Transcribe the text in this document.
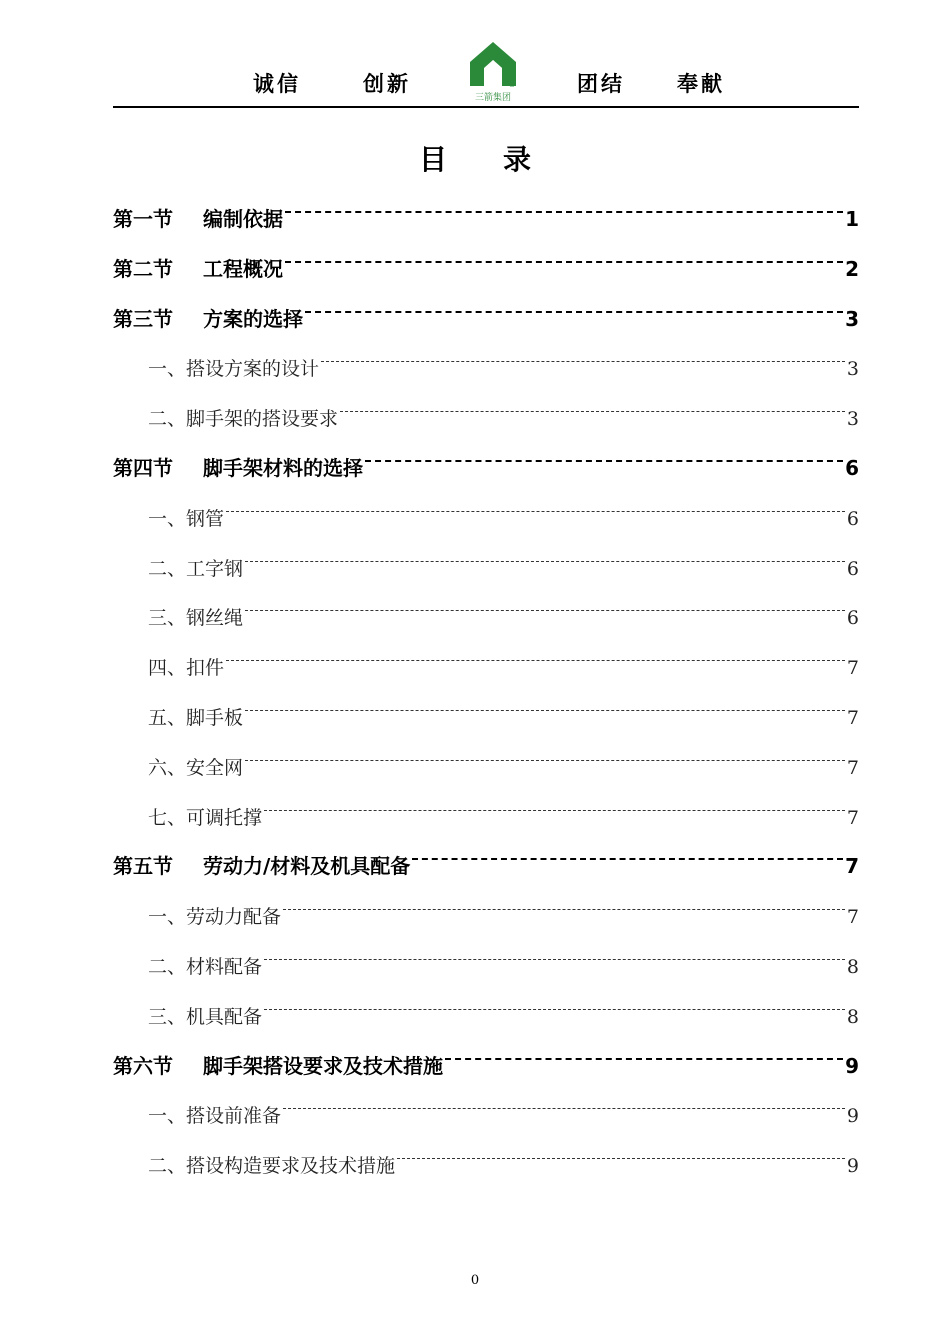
诚信	创新	®
三箭集团
团结 奉献
目录
第一节 编制依据	1
第二节 工程概况	2
第三节 方案的选择	3
一、搭设方案的设计	3
二、脚手架的搭设要求	3
第四节 脚手架材料的选择	6
一、钢管	6
二、工字钢	6
三、钢丝绳	6
四、扣件	7
五、脚手板	7
六、安全网	7
七、可调托撑	7
第五节 劳动力/材料及机具配备	7
一、劳动力配备	7
二、材料配备	8
三、机具配备	8
第六节 脚手架搭设要求及技术措施	9
一、搭设前准备	9
二、搭设构造要求及技术措施	9
0
